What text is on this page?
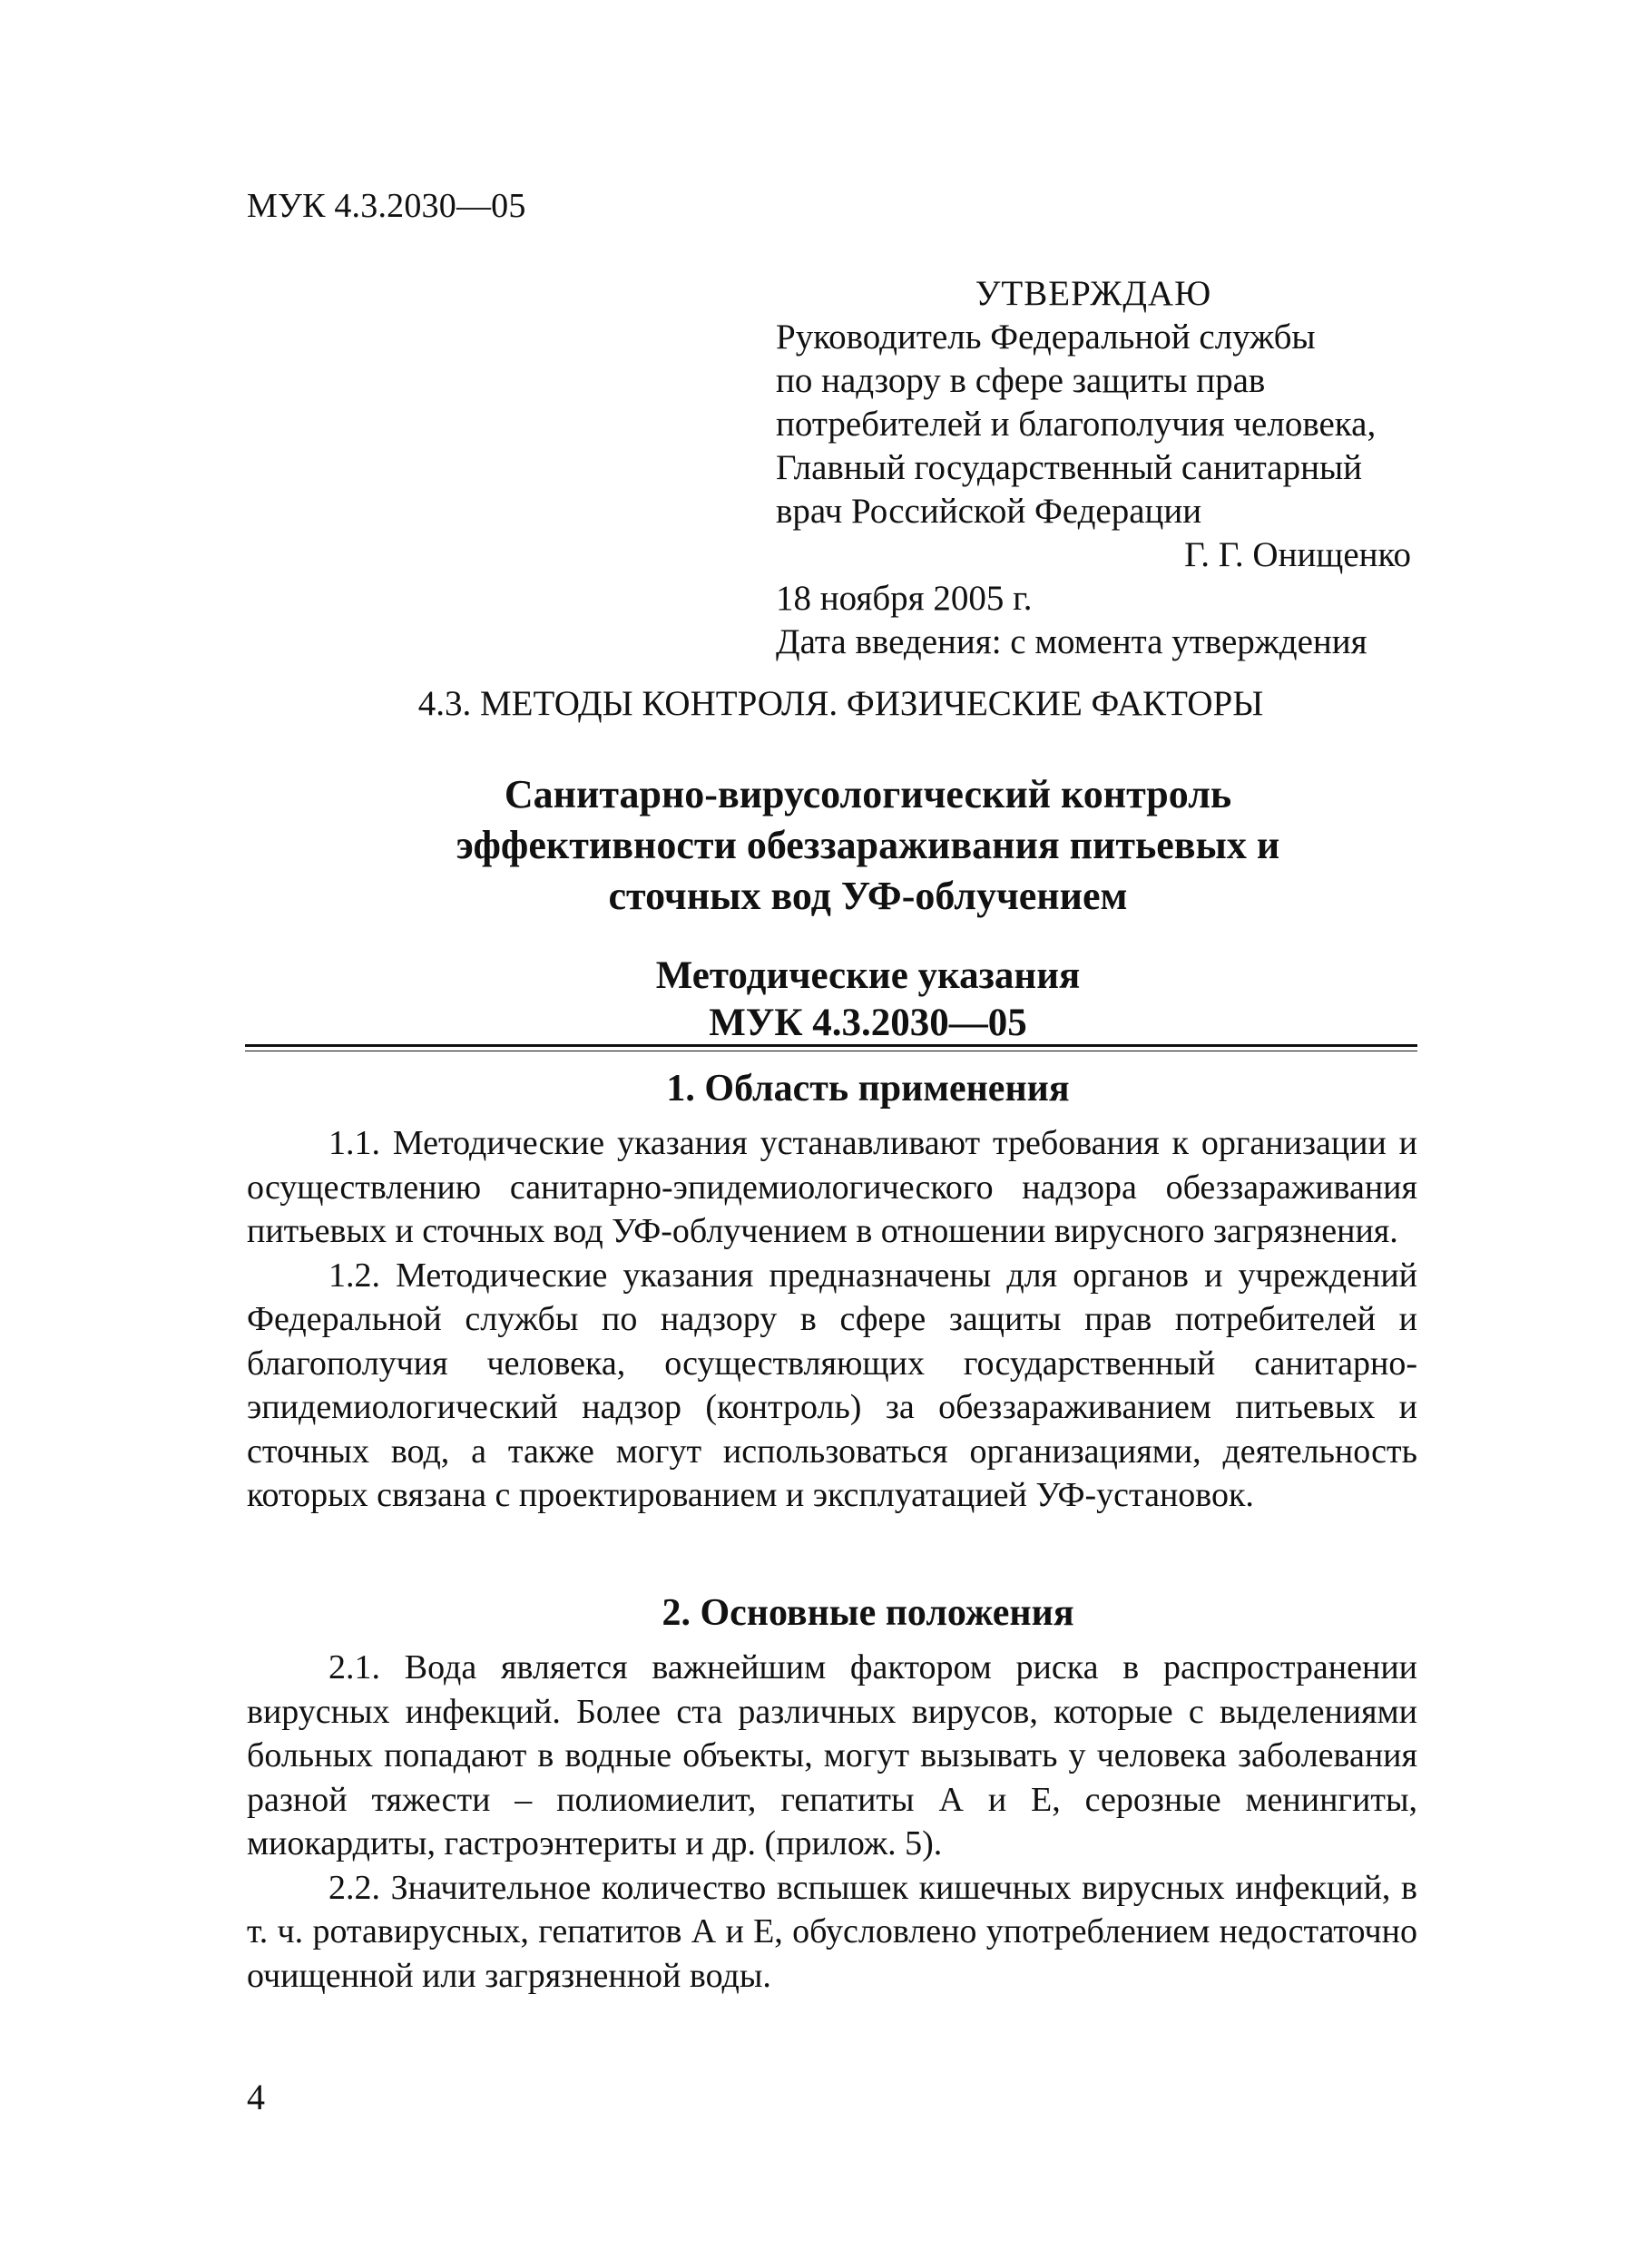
МУК 4.3.2030—05
УТВЕРЖДАЮ
Руководитель Федеральной службы
по надзору в сфере защиты прав
потребителей и благополучия человека,
Главный государственный санитарный
врач Российской Федерации
Г. Г. Онищенко
18 ноября 2005 г.
Дата введения: с момента утверждения
4.3. МЕТОДЫ КОНТРОЛЯ. ФИЗИЧЕСКИЕ ФАКТОРЫ
Санитарно-вирусологический контроль
эффективности обеззараживания питьевых и
сточных вод УФ-облучением
Методические указания
МУК 4.3.2030—05
1. Область применения

1.1. Методические указания устанавливают требования к организации и осуществлению санитарно-эпидемиологического надзора обеззараживания питьевых и сточных вод УФ-облучением в отношении вирусного загрязнения.

1.2. Методические указания предназначены для органов и учреждений Федеральной службы по надзору в сфере защиты прав потребителей и благополучия человека, осуществляющих государственный санитарно-эпидемиологический надзор (контроль) за обеззараживанием питьевых и сточных вод, а также могут использоваться организациями, деятельность которых связана с проектированием и эксплуатацией УФ-установок.

2. Основные положения

2.1. Вода является важнейшим фактором риска в распространении вирусных инфекций. Более ста различных вирусов, которые с выделениями больных попадают в водные объекты, могут вызывать у человека заболевания разной тяжести – полиомиелит, гепатиты А и Е, серозные менингиты, миокардиты, гастроэнтериты и др. (прилож. 5).

2.2. Значительное количество вспышек кишечных вирусных инфекций, в т. ч. ротавирусных, гепатитов А и Е, обусловлено употреблением недостаточно очищенной или загрязненной воды.

4
